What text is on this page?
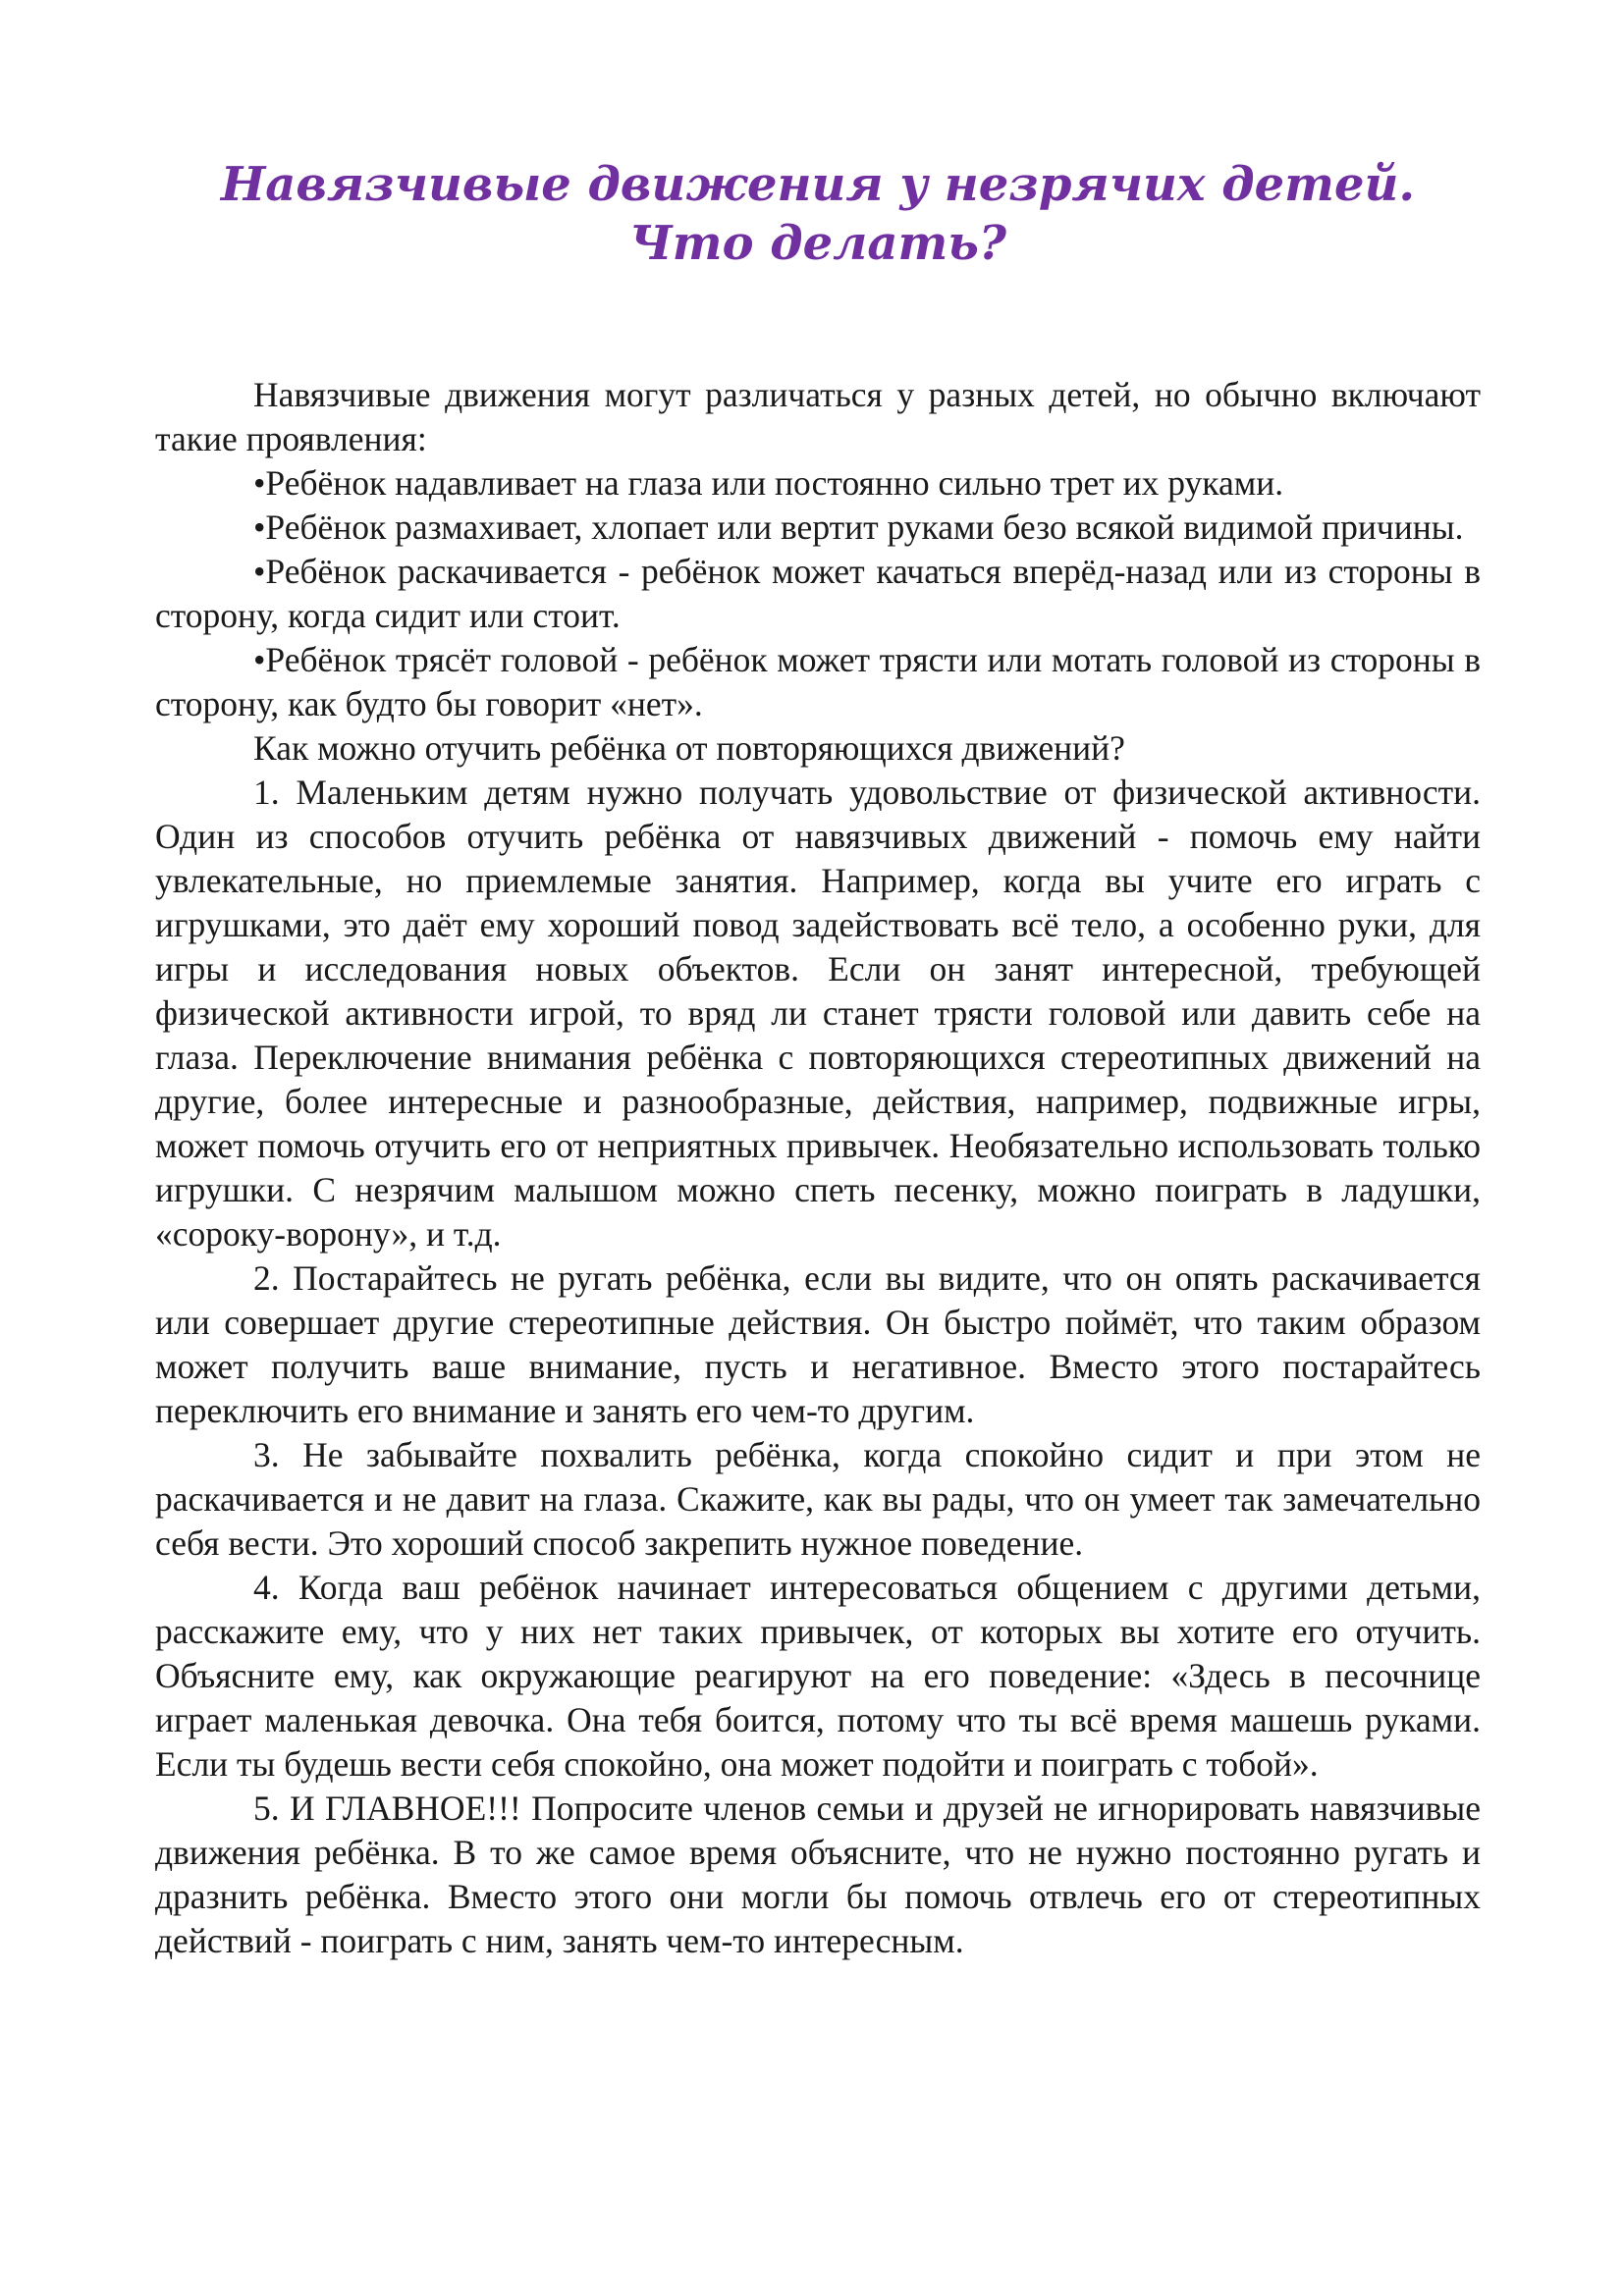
Навязчивые движения у незрячих детей.
Что делать?

Навязчивые движения могут различаться у разных детей, но обычно включают такие проявления:

•Ребёнок надавливает на глаза или постоянно сильно трет их руками.

•Ребёнок размахивает, хлопает или вертит руками безо всякой видимой причины.

•Ребёнок раскачивается - ребёнок может качаться вперёд-назад или из стороны в сторону, когда сидит или стоит.

•Ребёнок трясёт головой - ребёнок может трясти или мотать головой из стороны в сторону, как будто бы говорит «нет».

Как можно отучить ребёнка от повторяющихся движений?

1. Маленьким детям нужно получать удовольствие от физической активности. Один из способов отучить ребёнка от навязчивых движений - помочь ему найти увлекательные, но приемлемые занятия. Например, когда вы учите его играть с игрушками, это даёт ему хороший повод задействовать всё тело, а особенно руки, для игры и исследования новых объектов. Если он занят интересной, требующей физической активности игрой, то вряд ли станет трясти головой или давить себе на глаза. Переключение внимания ребёнка с повторяющихся стереотипных движений на другие, более интересные и разнообразные, действия, например, подвижные игры, может помочь отучить его от неприятных привычек. Необязательно использовать только игрушки. С незрячим малышом можно спеть песенку, можно поиграть в ладушки, «сороку-ворону», и т.д.

2. Постарайтесь не ругать ребёнка, если вы видите, что он опять раскачивается или совершает другие стереотипные действия. Он быстро поймёт, что таким образом может получить ваше внимание, пусть и негативное. Вместо этого постарайтесь переключить его внимание и занять его чем-то другим.

3. Не забывайте похвалить ребёнка, когда спокойно сидит и при этом не раскачивается и не давит на глаза. Скажите, как вы рады, что он умеет так замечательно себя вести. Это хороший способ закрепить нужное поведение.

4. Когда ваш ребёнок начинает интересоваться общением с другими детьми, расскажите ему, что у них нет таких привычек, от которых вы хотите его отучить. Объясните ему, как окружающие реагируют на его поведение: «Здесь в песочнице играет маленькая девочка. Она тебя боится, потому что ты всё время машешь руками. Если ты будешь вести себя спокойно, она может подойти и поиграть с тобой».

5. И ГЛАВНОЕ!!! Попросите членов семьи и друзей не игнорировать навязчивые движения ребёнка. В то же самое время объясните, что не нужно постоянно ругать и дразнить ребёнка. Вместо этого они могли бы помочь отвлечь его от стереотипных действий - поиграть с ним, занять чем-то интересным.
